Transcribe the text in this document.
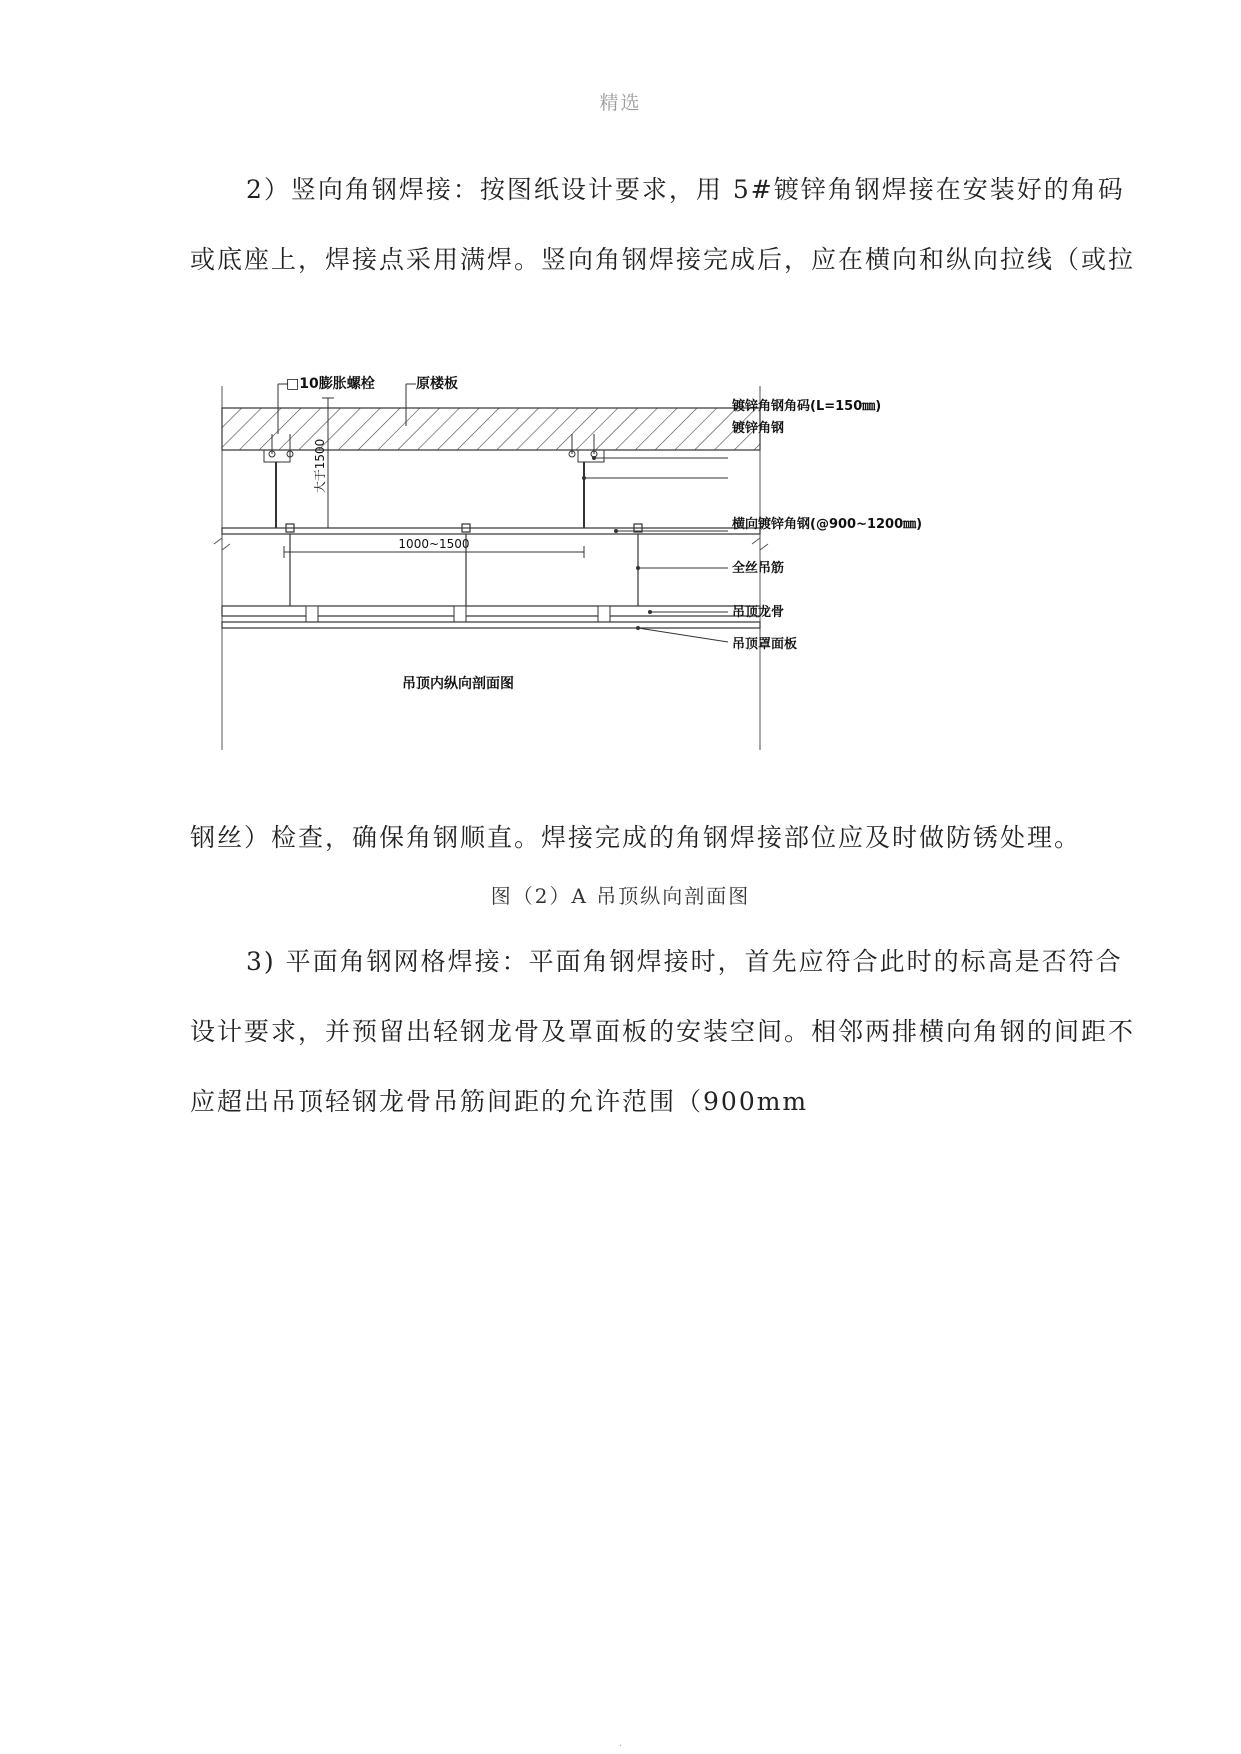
精选
2）竖向角钢焊接：按图纸设计要求，用 5#镀锌角钢焊接在安装好的角码
或底座上，焊接点采用满焊。竖向角钢焊接完成后，应在横向和纵向拉线（或拉
大于1500
1000~1500
□10膨胀螺栓	原楼板
镀锌角钢角码(L=150㎜)
镀锌角钢
横向镀锌角钢(@900~1200㎜)
全丝吊筋
吊顶龙骨
吊顶罩面板
吊顶内纵向剖面图
钢丝）检查，确保角钢顺直。焊接完成的角钢焊接部位应及时做防锈处理。
图（2）A 吊顶纵向剖面图
3) 平面角钢网格焊接：平面角钢焊接时，首先应符合此时的标高是否符合
设计要求，并预留出轻钢龙骨及罩面板的安装空间。相邻两排横向角钢的间距不
应超出吊顶轻钢龙骨吊筋间距的允许范围（900mm
.
